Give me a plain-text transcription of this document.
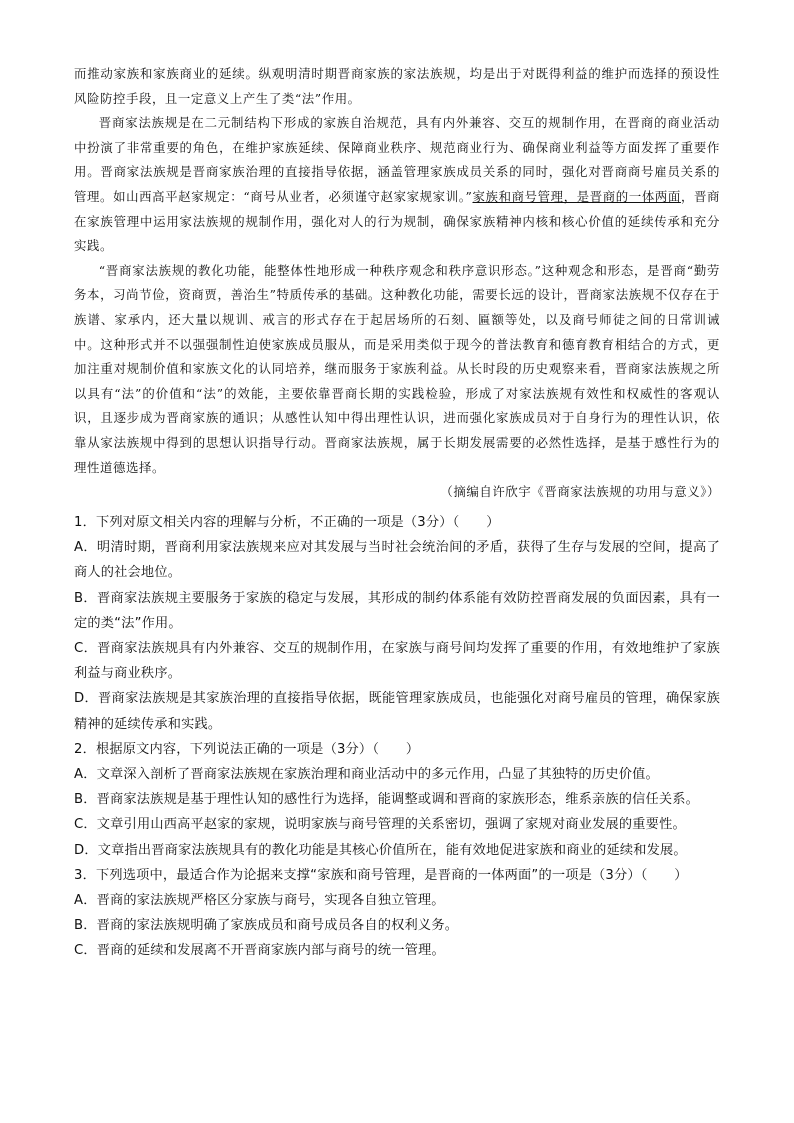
而推动家族和家族商业的延续。纵观明清时期晋商家族的家法族规，均是出于对既得利益的维护而选择的预设性风险防控手段，且一定意义上产生了类“法”作用。

晋商家法族规是在二元制结构下形成的家族自治规范，具有内外兼容、交互的规制作用，在晋商的商业活动中扮演了非常重要的角色，在维护家族延续、保障商业秩序、规范商业行为、确保商业利益等方面发挥了重要作用。晋商家法族规是晋商家族治理的直接指导依据，涵盖管理家族成员关系的同时，强化对晋商商号雇员关系的管理。如山西高平赵家规定：“商号从业者，必须谨守赵家家规家训。”家族和商号管理，是晋商的一体两面，晋商在家族管理中运用家法族规的规制作用，强化对人的行为规制，确保家族精神内核和核心价值的延续传承和充分实践。

“晋商家法族规的教化功能，能整体性地形成一种秩序观念和秩序意识形态。”这种观念和形态，是晋商“勤劳务本，习尚节俭，资商贾，善治生”特质传承的基础。这种教化功能，需要长远的设计，晋商家法族规不仅存在于族谱、家承内，还大量以规训、戒言的形式存在于起居场所的石刻、匾额等处，以及商号师徒之间的日常训诫中。这种形式并不以强强制性迫使家族成员服从，而是采用类似于现今的普法教育和德育教育相结合的方式，更加注重对规制价值和家族文化的认同培养，继而服务于家族利益。从长时段的历史观察来看，晋商家法族规之所以具有“法”的价值和“法”的效能，主要依靠晋商长期的实践检验，形成了对家法族规有效性和权威性的客观认识，且逐步成为晋商家族的通识；从感性认知中得出理性认识，进而强化家族成员对于自身行为的理性认识，依靠从家法族规中得到的思想认识指导行动。晋商家法族规，属于长期发展需要的必然性选择，是基于感性行为的理性道德选择。

（摘编自许欣宇《晋商家法族规的功用与意义》）

1．下列对原文相关内容的理解与分析，不正确的一项是（3分）（　　）

A．明清时期，晋商利用家法族规来应对其发展与当时社会统治间的矛盾，获得了生存与发展的空间，提高了商人的社会地位。

B．晋商家法族规主要服务于家族的稳定与发展，其形成的制约体系能有效防控晋商发展的负面因素，具有一定的类“法”作用。

C．晋商家法族规具有内外兼容、交互的规制作用，在家族与商号间均发挥了重要的作用，有效地维护了家族利益与商业秩序。

D．晋商家法族规是其家族治理的直接指导依据，既能管理家族成员，也能强化对商号雇员的管理，确保家族精神的延续传承和实践。

2．根据原文内容，下列说法正确的一项是（3分）（　　）

A．文章深入剖析了晋商家法族规在家族治理和商业活动中的多元作用，凸显了其独特的历史价值。

B．晋商家法族规是基于理性认知的感性行为选择，能调整或调和晋商的家族形态，维系亲族的信任关系。

C．文章引用山西高平赵家的家规，说明家族与商号管理的关系密切，强调了家规对商业发展的重要性。

D．文章指出晋商家法族规具有的教化功能是其核心价值所在，能有效地促进家族和商业的延续和发展。

3．下列选项中，最适合作为论据来支撑“家族和商号管理，是晋商的一体两面”的一项是（3分）（　　）

A．晋商的家法族规严格区分家族与商号，实现各自独立管理。

B．晋商的家法族规明确了家族成员和商号成员各自的权利义务。

C．晋商的延续和发展离不开晋商家族内部与商号的统一管理。
